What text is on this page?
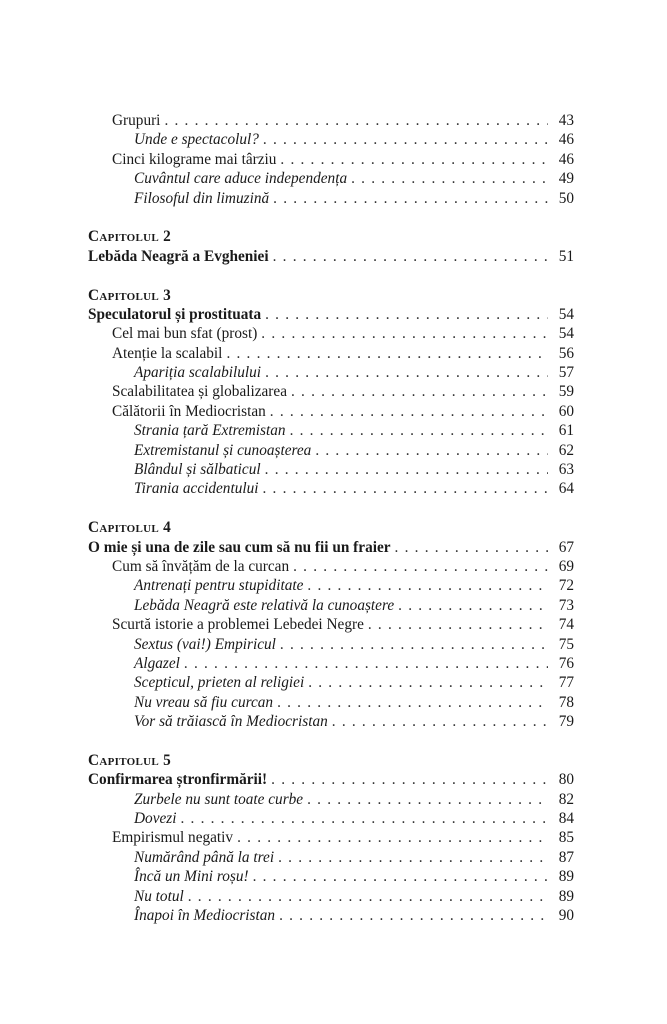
Grupuri . . .	43
Unde e spectacolul? . . .	46
Cinci kilograme mai târziu . . .	46
Cuvântul care aduce independența . . .	49
Filosoful din limuzină . . .	50
Capitolul 2
Lebăda Neagră a Evgheniei . . .	51
Capitolul 3
Speculatorul și prostituata . . .	54
Cel mai bun sfat (prost) . . .	54
Atenție la scalabil . . .	56
Apariția scalabilului . . .	57
Scalabilitatea și globalizarea . . .	59
Călătorii în Mediocristan . . .	60
Strania țară Extremistan . . .	61
Extremistanul și cunoașterea . . .	62
Blândul și sălbaticul . . .	63
Tirania accidentului . . .	64
Capitolul 4
O mie și una de zile sau cum să nu fii un fraier . . .	67
Cum să învățăm de la curcan . . .	69
Antrenați pentru stupiditate . . .	72
Lebăda Neagră este relativă la cunoaștere . . .	73
Scurtă istorie a problemei Lebedei Negre . . .	74
Sextus (vai!) Empiricul . . .	75
Algazel . . .	76
Scepticul, prieten al religiei . . .	77
Nu vreau să fiu curcan . . .	78
Vor să trăiască în Mediocristan . . .	79
Capitolul 5
Confirmarea ștronfirmării! . . .	80
Zurbele nu sunt toate curbe . . .	82
Dovezi . . .	84
Empirismul negativ . . .	85
Numărând până la trei . . .	87
Încă un Mini roșu! . . .	89
Nu totul . . .	89
Înapoi în Mediocristan . . .	90
